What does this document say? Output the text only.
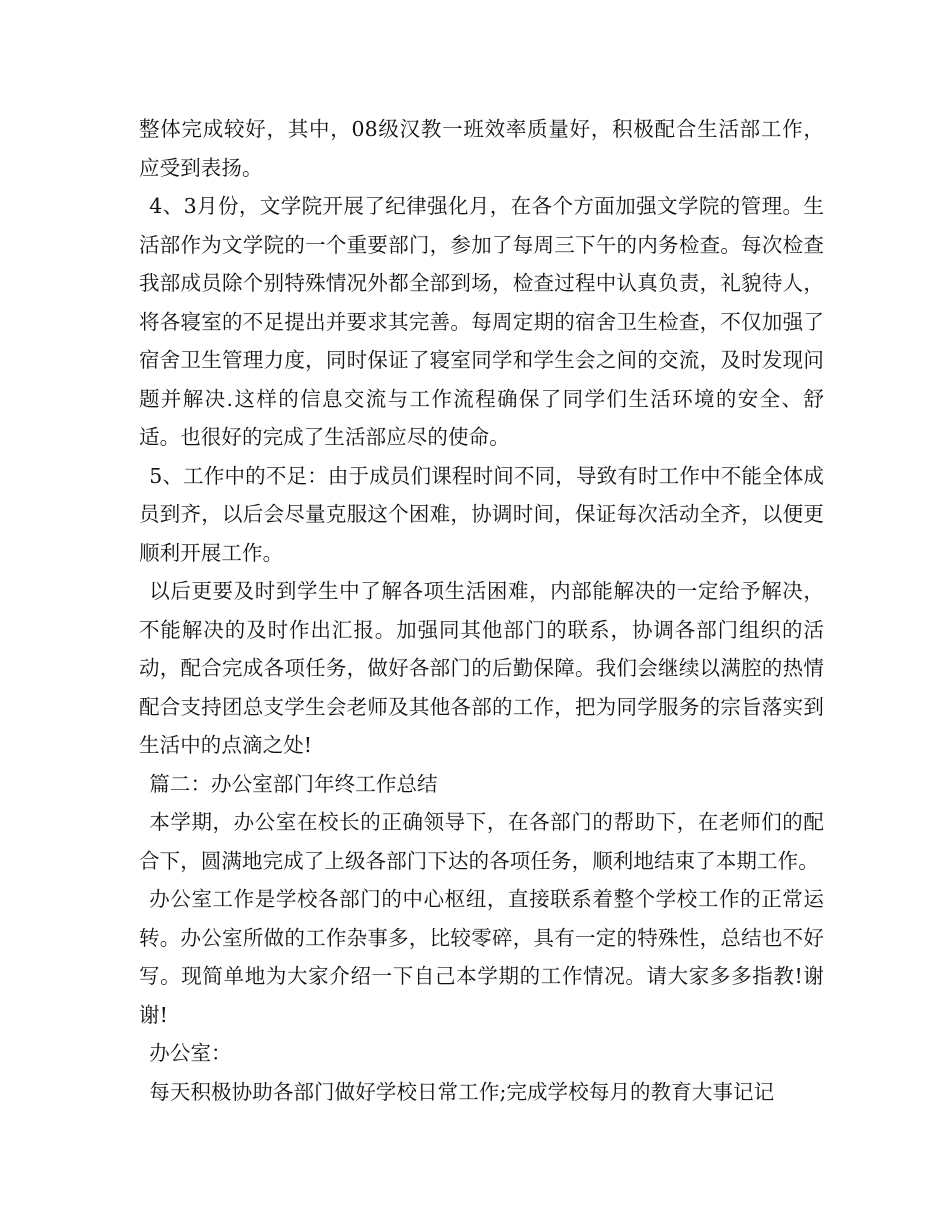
整体完成较好，其中，08级汉教一班效率质量好，积极配合生活部工作，应受到表扬。

4、3月份，文学院开展了纪律强化月，在各个方面加强文学院的管理。生活部作为文学院的一个重要部门，参加了每周三下午的内务检查。每次检查我部成员除个别特殊情况外都全部到场，检查过程中认真负责，礼貌待人，将各寝室的不足提出并要求其完善。每周定期的宿舍卫生检查，不仅加强了宿舍卫生管理力度，同时保证了寝室同学和学生会之间的交流，及时发现问题并解决.这样的信息交流与工作流程确保了同学们生活环境的安全、舒适。也很好的完成了生活部应尽的使命。

5、工作中的不足：由于成员们课程时间不同，导致有时工作中不能全体成员到齐，以后会尽量克服这个困难，协调时间，保证每次活动全齐，以便更顺利开展工作。

以后更要及时到学生中了解各项生活困难，内部能解决的一定给予解决，不能解决的及时作出汇报。加强同其他部门的联系，协调各部门组织的活动，配合完成各项任务，做好各部门的后勤保障。我们会继续以满腔的热情配合支持团总支学生会老师及其他各部的工作，把为同学服务的宗旨落实到生活中的点滴之处!

篇二：办公室部门年终工作总结

本学期，办公室在校长的正确领导下，在各部门的帮助下，在老师们的配合下，圆满地完成了上级各部门下达的各项任务，顺利地结束了本期工作。

办公室工作是学校各部门的中心枢纽，直接联系着整个学校工作的正常运转。办公室所做的工作杂事多，比较零碎，具有一定的特殊性，总结也不好写。现简单地为大家介绍一下自己本学期的工作情况。请大家多多指教!谢谢!

办公室：

每天积极协助各部门做好学校日常工作;完成学校每月的教育大事记记
